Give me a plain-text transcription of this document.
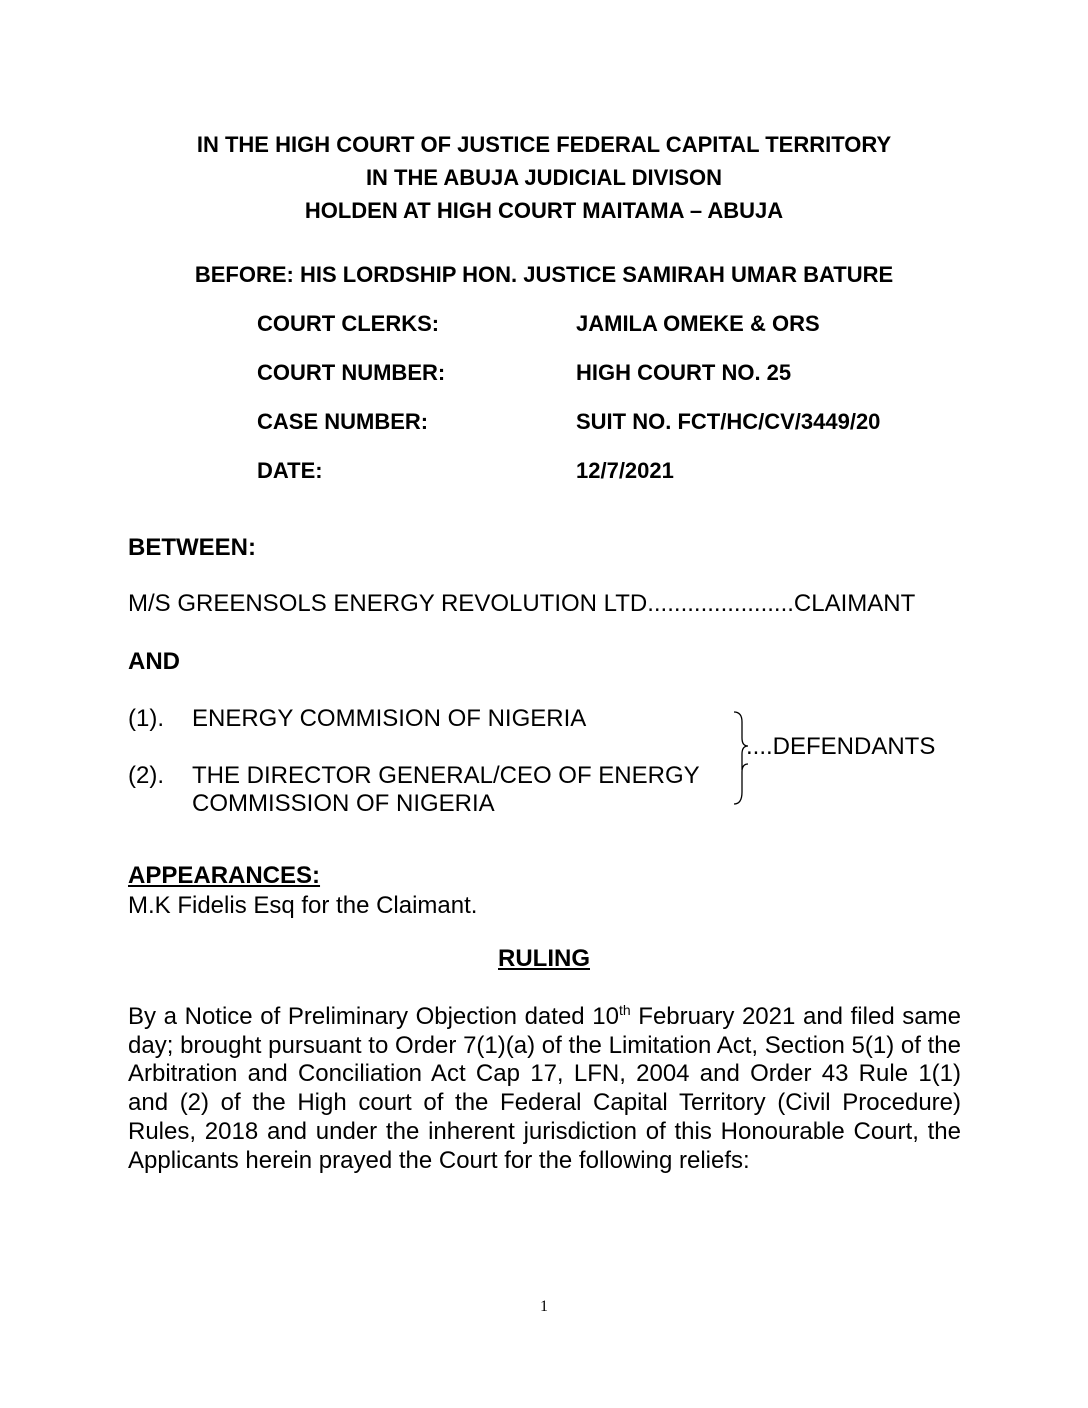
IN THE HIGH COURT OF JUSTICE FEDERAL CAPITAL TERRITORY
IN THE ABUJA JUDICIAL DIVISON
HOLDEN AT HIGH COURT MAITAMA – ABUJA
BEFORE: HIS LORDSHIP HON. JUSTICE SAMIRAH UMAR BATURE
COURT CLERKS:	JAMILA OMEKE & ORS
COURT NUMBER:	HIGH COURT NO. 25
CASE NUMBER:	SUIT NO. FCT/HC/CV/3449/20
DATE:	12/7/2021
BETWEEN:
M/S GREENSOLS ENERGY REVOLUTION LTD......................CLAIMANT
AND
(1). ENERGY COMMISION OF NIGERIA
(2). THE DIRECTOR GENERAL/CEO OF ENERGY
COMMISSION OF NIGERIA
....DEFENDANTS
APPEARANCES:
M.K Fidelis Esq for the Claimant.
RULING
By a Notice of Preliminary Objection dated 10th February 2021 and filed same day; brought pursuant to Order 7(1)(a) of the Limitation Act, Section 5(1) of the Arbitration and Conciliation Act Cap 17, LFN, 2004 and Order 43 Rule 1(1) and (2) of the High court of the Federal Capital Territory (Civil Procedure) Rules, 2018 and under the inherent jurisdiction of this Honourable Court, the Applicants herein prayed the Court for the following reliefs:
1
